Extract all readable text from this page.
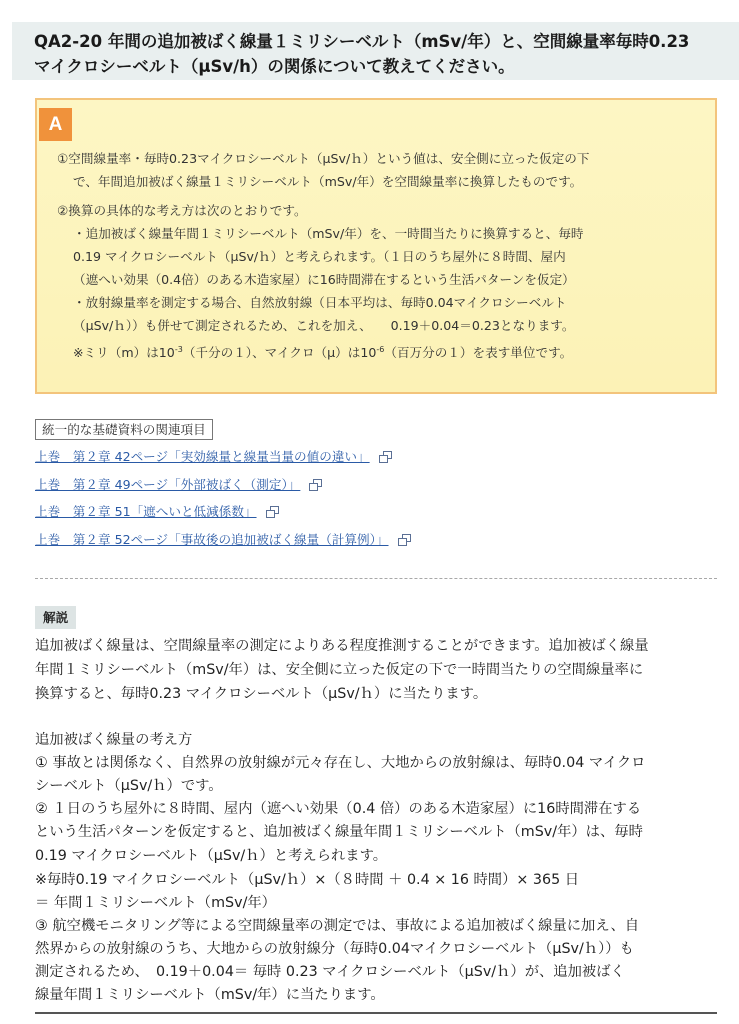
QA2-20 年間の追加被ばく線量１ミリシーベルト（mSv/年）と、空間線量率毎時0.23
マイクロシーベルト（μSv/h）の関係について教えてください。
A
①空間線量率・毎時0.23マイクロシーベルト（μSv/ｈ）という値は、安全側に立った仮定の下
で、年間追加被ばく線量１ミリシーベルト（mSv/年）を空間線量率に換算したものです。
②換算の具体的な考え方は次のとおりです。
・追加被ばく線量年間１ミリシーベルト（mSv/年）を、一時間当たりに換算すると、毎時
0.19 マイクロシーベルト（μSv/ｈ）と考えられます。（１日のうち屋外に８時間、屋内
（遮へい効果（0.4倍）のある木造家屋）に16時間滞在するという生活パターンを仮定）
・放射線量率を測定する場合、自然放射線（日本平均は、毎時0.04マイクロシーベルト
（μSv/ｈ））も併せて測定されるため、これを加え、　　0.19＋0.04＝0.23となります。
※ミリ（m）は$10^{-3}$（千分の１）、マイクロ（μ）は$10^{-6}$（百万分の１）を表す単位です。
統一的な基礎資料の関連項目
上巻　第２章 42ページ「実効線量と線量当量の値の違い」
上巻　第２章 49ページ「外部被ばく（測定）」
上巻　第２章 51「遮へいと低減係数」
上巻　第２章 52ページ「事故後の追加被ばく線量（計算例）」
解説
追加被ばく線量は、空間線量率の測定によりある程度推測することができます。追加被ばく線量
年間１ミリシーベルト（mSv/年）は、安全側に立った仮定の下で一時間当たりの空間線量率に
換算すると、毎時0.23 マイクロシーベルト（μSv/ｈ）に当たります。
追加被ばく線量の考え方
① 事故とは関係なく、自然界の放射線が元々存在し、大地からの放射線は、毎時0.04 マイクロ
シーベルト（μSv/ｈ）です。
② １日のうち屋外に８時間、屋内（遮へい効果（0.4 倍）のある木造家屋）に16時間滞在する
という生活パターンを仮定すると、追加被ばく線量年間１ミリシーベルト（mSv/年）は、毎時
0.19 マイクロシーベルト（μSv/ｈ）と考えられます。
※毎時0.19 マイクロシーベルト（μSv/ｈ）×（８時間 ＋ 0.4 × 16 時間）× 365 日
＝ 年間１ミリシーベルト（mSv/年）
③ 航空機モニタリング等による空間線量率の測定では、事故による追加被ばく線量に加え、自
然界からの放射線のうち、大地からの放射線分（毎時0.04マイクロシーベルト（μSv/ｈ））も
測定されるため、　0.19＋0.04＝ 毎時 0.23 マイクロシーベルト（μSv/ｈ）が、追加被ばく
線量年間１ミリシーベルト（mSv/年）に当たります。
